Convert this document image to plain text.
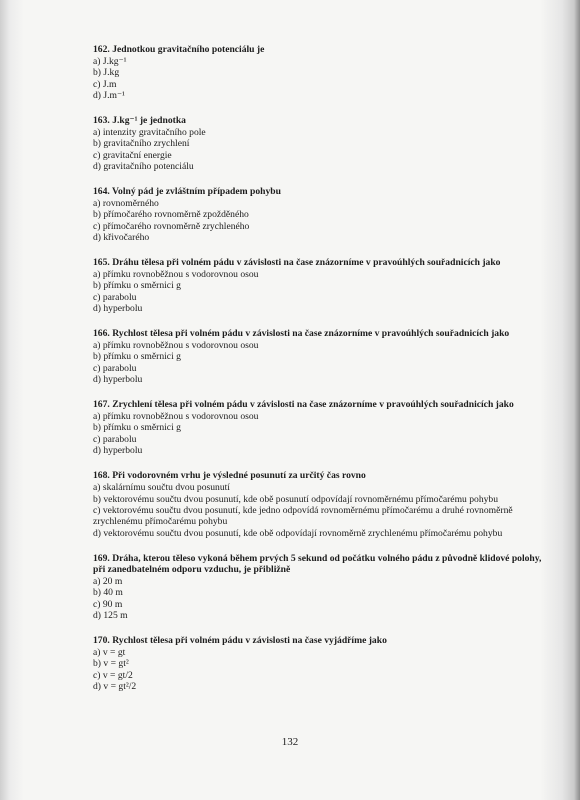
162. Jednotkou gravitačního potenciálu je
a) J.kg⁻¹
b) J.kg
c) J.m
d) J.m⁻¹
163. J.kg⁻¹ je jednotka
a) intenzity gravitačního pole
b) gravitačního zrychlení
c) gravitační energie
d) gravitačního potenciálu
164. Volný pád je zvláštním případem pohybu
a) rovnoměrného
b) přímočarého rovnoměrně zpožděného
c) přímočarého rovnoměrně zrychleného
d) křivočarého
165. Dráhu tělesa při volném pádu v závislosti na čase znázorníme v pravoúhlých souřadnicích jako
a) přímku rovnoběžnou s vodorovnou osou
b) přímku o směrnici g
c) parabolu
d) hyperbolu
166. Rychlost tělesa při volném pádu v závislosti na čase znázorníme v pravoúhlých souřadnicích jako
a) přímku rovnoběžnou s vodorovnou osou
b) přímku o směrnici g
c) parabolu
d) hyperbolu
167. Zrychlení tělesa při volném pádu v závislosti na čase znázorníme v pravoúhlých souřadnicích jako
a) přímku rovnoběžnou s vodorovnou osou
b) přímku o směrnici g
c) parabolu
d) hyperbolu
168. Při vodorovném vrhu je výsledné posunutí za určitý čas rovno
a) skalárnímu součtu dvou posunutí
b) vektorovému součtu dvou posunutí, kde obě posunutí odpovídají rovnoměrnému přímočarému pohybu
c) vektorovému součtu dvou posunutí, kde jedno odpovídá rovnoměrnému přímočarému a druhé rovnoměrně zrychlenému přímočarému pohybu
d) vektorovému součtu dvou posunutí, kde obě odpovídají rovnoměrně zrychlenému přímočarému pohybu
169. Dráha, kterou těleso vykoná během prvých 5 sekund od počátku volného pádu z původně klidové polohy, při zanedbatelném odporu vzduchu, je přibližně
a) 20 m
b) 40 m
c) 90 m
d) 125 m
170. Rychlost tělesa při volném pádu v závislosti na čase vyjádříme jako
a) v = gt
b) v = gt²
c) v = gt/2
d) v = gt²/2
132
